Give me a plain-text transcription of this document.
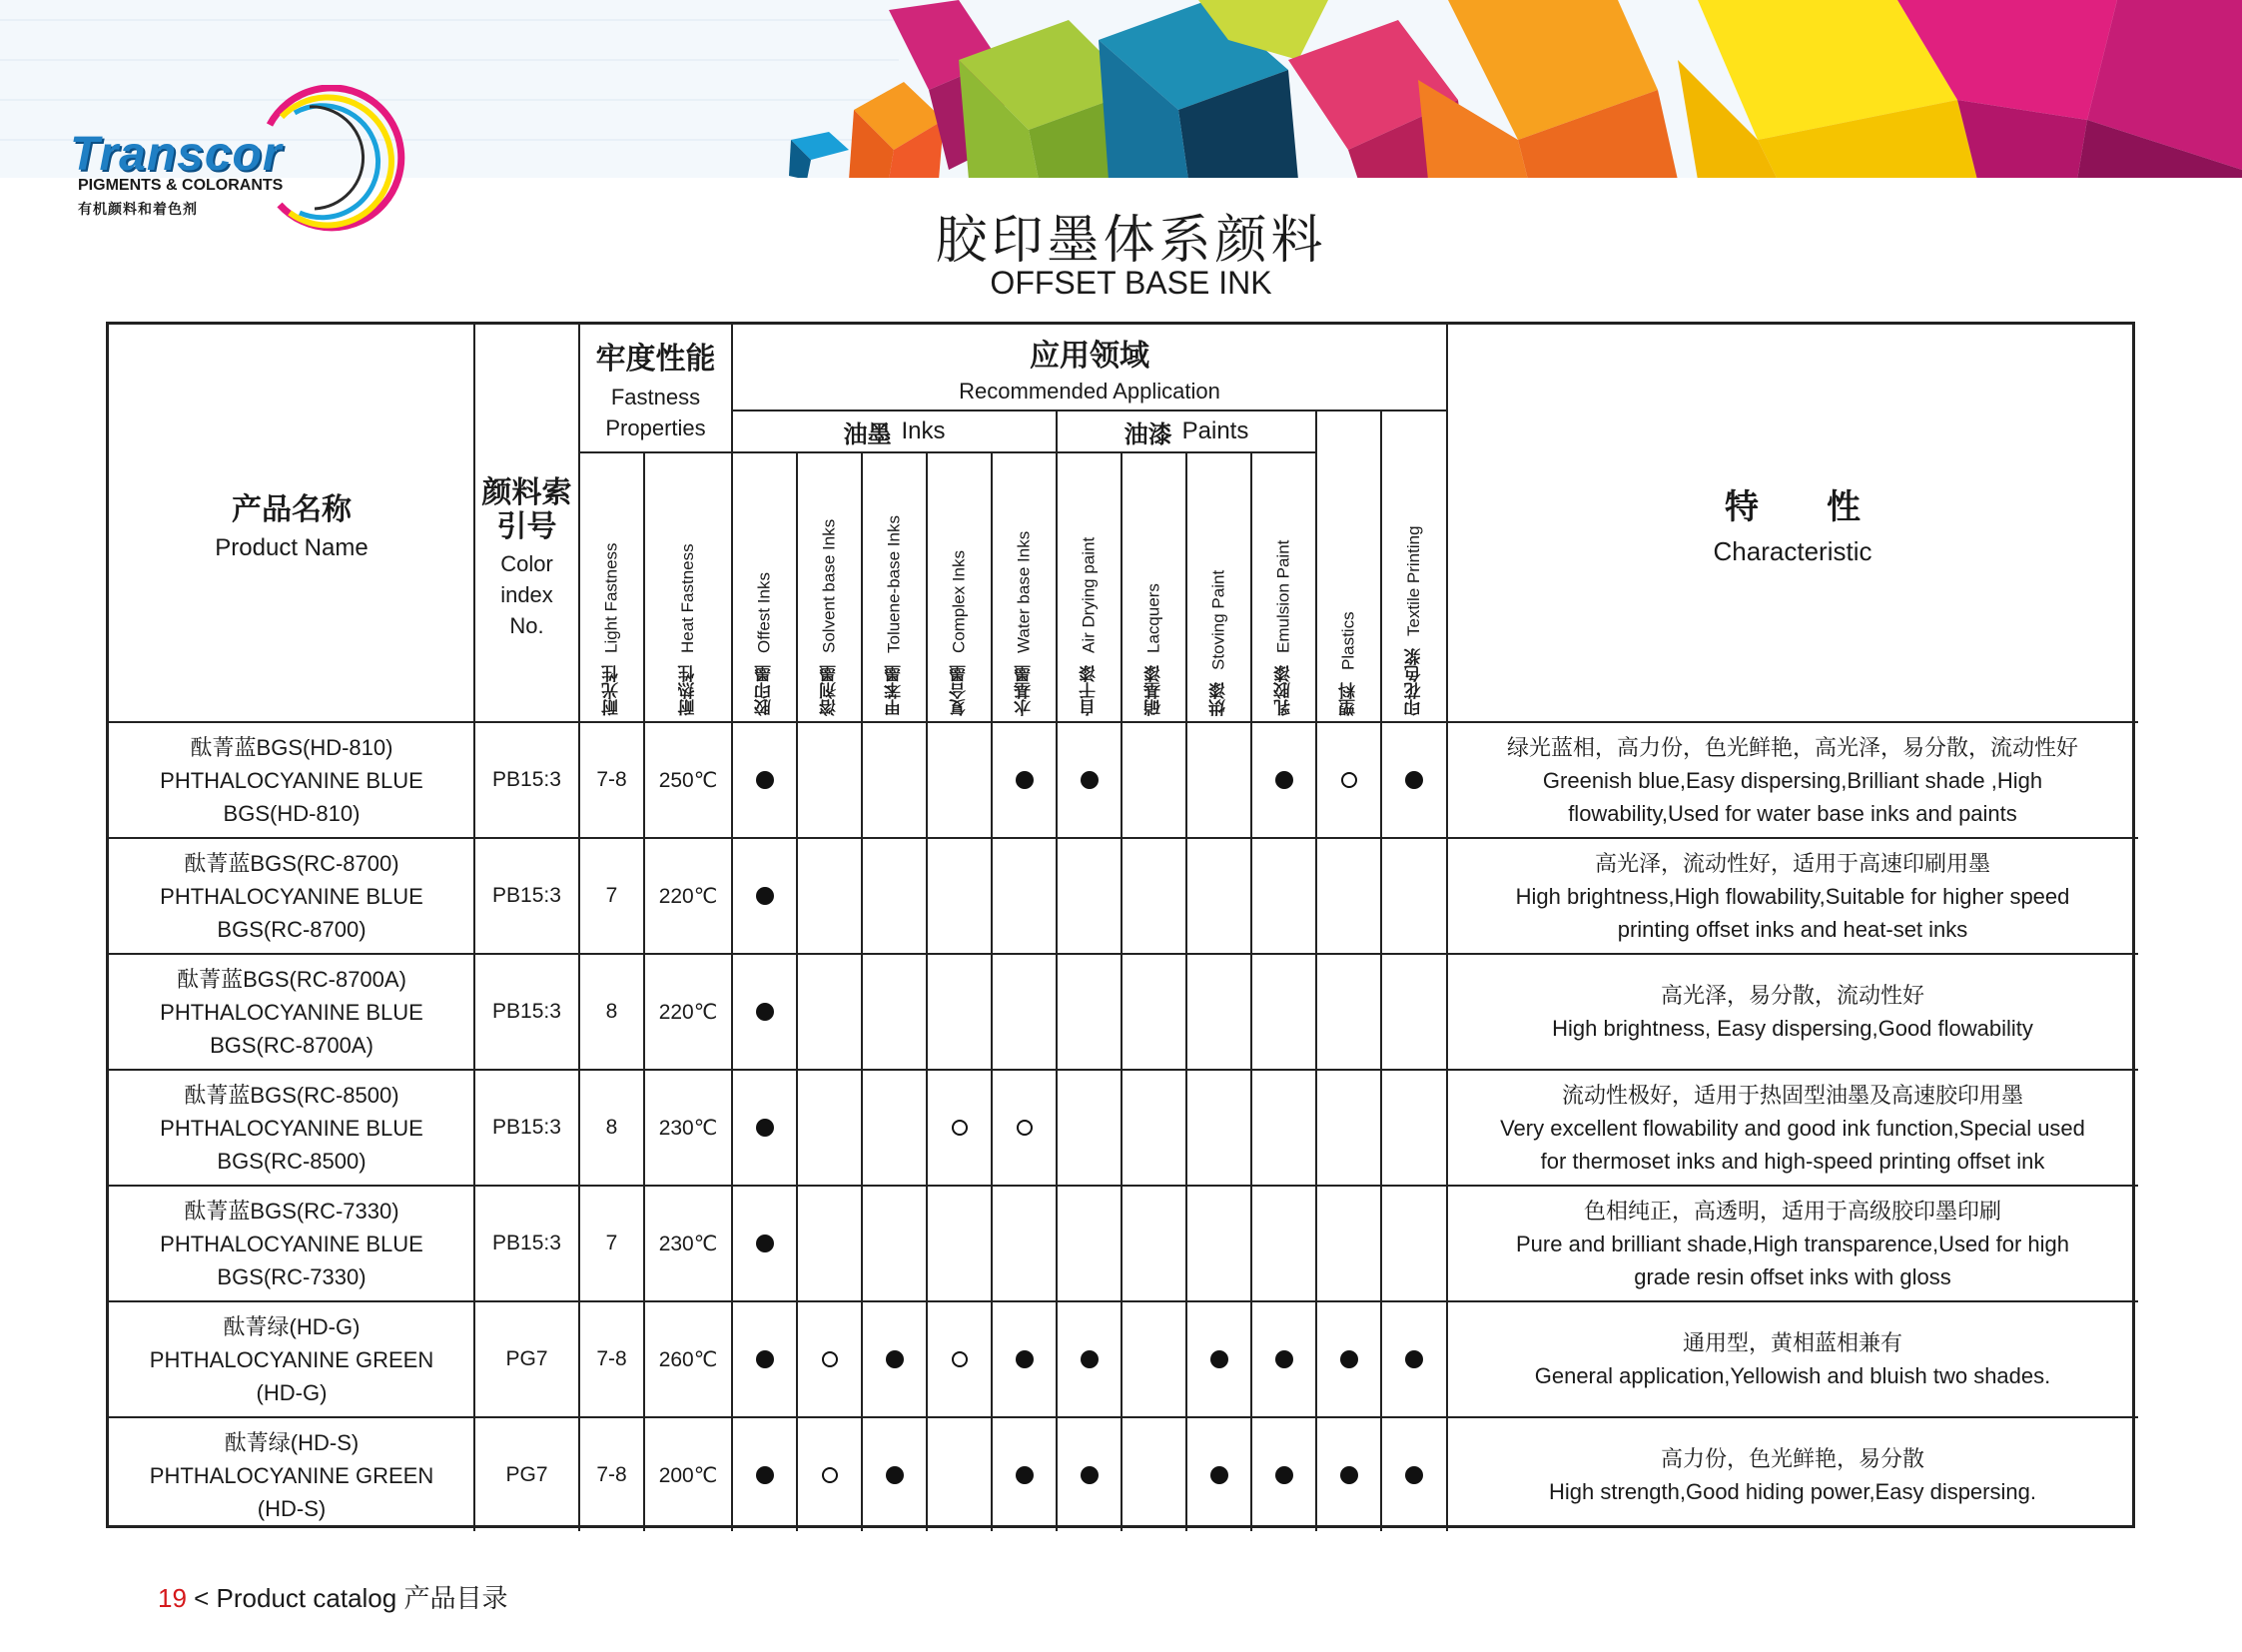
Transcor
PIGMENTS & COLORANTS
有机颜料和着色剂
胶印墨体系颜料
OFFSET BASE INK
产品名称
Product Name
颜料索引号
Color index No.
牢度性能
Fastness Properties
应用领域
Recommended Application
油墨 Inks	油漆 Paints
特　　性
Characteristic
耐光性
Light Fastness
耐热性
Heat Fastness
胶印墨
Offest Inks
溶剂墨
Solvent base Inks
甲苯墨
Toluene-base Inks
复合墨
Complex Inks
水基墨
Water base Inks
自干漆
Air Drying paint
硝基漆
Lacquers
烘漆
Stoving Paint
乳胶漆
Emulsion Paint
塑料
Plastics
印花色浆
Textile Printing
酞菁蓝BGS(HD-810)
PHTHALOCYANINE BLUE
BGS(HD-810)
PB15:3 7-8 250℃
绿光蓝相，高力份，色光鲜艳，高光泽，易分散，流动性好
Greenish blue,Easy dispersing,Brilliant shade ,High
flowability,Used for water base inks and paints
酞菁蓝BGS(RC-8700)
PHTHALOCYANINE BLUE
BGS(RC-8700)
PB15:3 7 220℃
高光泽，流动性好，适用于高速印刷用墨
High brightness,High flowability,Suitable for higher speed
printing offset inks and heat-set inks
酞菁蓝BGS(RC-8700A)
PHTHALOCYANINE BLUE
BGS(RC-8700A)
PB15:3 8 220℃
高光泽，易分散，流动性好
High brightness, Easy dispersing,Good flowability
酞菁蓝BGS(RC-8500)
PHTHALOCYANINE BLUE
BGS(RC-8500)
PB15:3 8 230℃
流动性极好，适用于热固型油墨及高速胶印用墨
Very excellent flowability and good ink function,Special used
for thermoset inks and high-speed printing offset ink
酞菁蓝BGS(RC-7330)
PHTHALOCYANINE BLUE
BGS(RC-7330)
PB15:3 7 230℃
色相纯正，高透明，适用于高级胶印墨印刷
Pure and brilliant shade,High transparence,Used for high
grade resin offset inks with gloss
酞菁绿(HD-G)
PHTHALOCYANINE GREEN
(HD-G)
PG7 7-8 260℃
通用型，黄相蓝相兼有
General application,Yellowish and bluish two shades.
酞菁绿(HD-S)
PHTHALOCYANINE GREEN
(HD-S)
PG7 7-8 200℃
高力份，色光鲜艳，易分散
High strength,Good hiding power,Easy dispersing.
19 < Product catalog 产品目录
